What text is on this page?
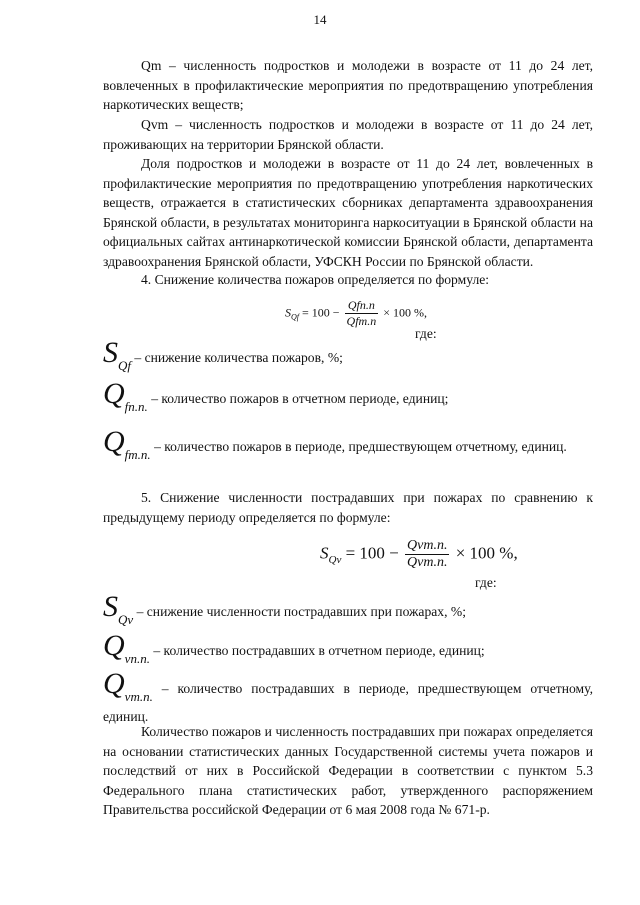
14

Qm – численность подростков и молодежи в возрасте от 11 до 24 лет, вовлеченных в профилактические мероприятия по предотвращению употребления наркотических веществ;

Qvm – численность подростков и молодежи в возрасте от 11 до 24 лет, проживающих на территории Брянской области.

Доля подростков и молодежи в возрасте от 11 до 24 лет, вовлеченных в профилактические мероприятия по предотвращению употребления наркотических веществ, отражается в статистических сборниках департамента здравоохранения Брянской области, в результатах мониторинга наркоситуации в Брянской области на официальных сайтах антинаркотической комиссии Брянской области, департамента здравоохранения Брянской области, УФСКН России по Брянской области.

4. Снижение количества пожаров определяется по формуле:

$S_{Qf} = 100 - \frac{\text{Qfn.n}}{\text{Qfm.n}} \times 100$ %,
где:
SQf – снижение количества пожаров, %;
Qfn.n. – количество пожаров в отчетном периоде, единиц;
Qfm.n. – количество пожаров в периоде, предшествующем отчетному, единиц.

5. Снижение численности пострадавших при пожарах по сравнению к предыдущему периоду определяется по формуле:

$S_{Qv} = 100 - \frac{\text{Qvm.n.}}{\text{Qvm.n.}} \times 100$ %,
где:
SQv – снижение численности пострадавших при пожарах, %;
Qvn.n. – количество пострадавших в отчетном периоде, единиц;
Qvm.n. – количество пострадавших в периоде, предшествующем отчетному, единиц.

Количество пожаров и численность пострадавших при пожарах определяется на основании статистических данных Государственной системы учета пожаров и последствий от них в Российской Федерации в соответствии с пунктом 5.3 Федерального плана статистических работ, утвержденного распоряжением Правительства российской Федерации от 6 мая 2008 года № 671-р.
